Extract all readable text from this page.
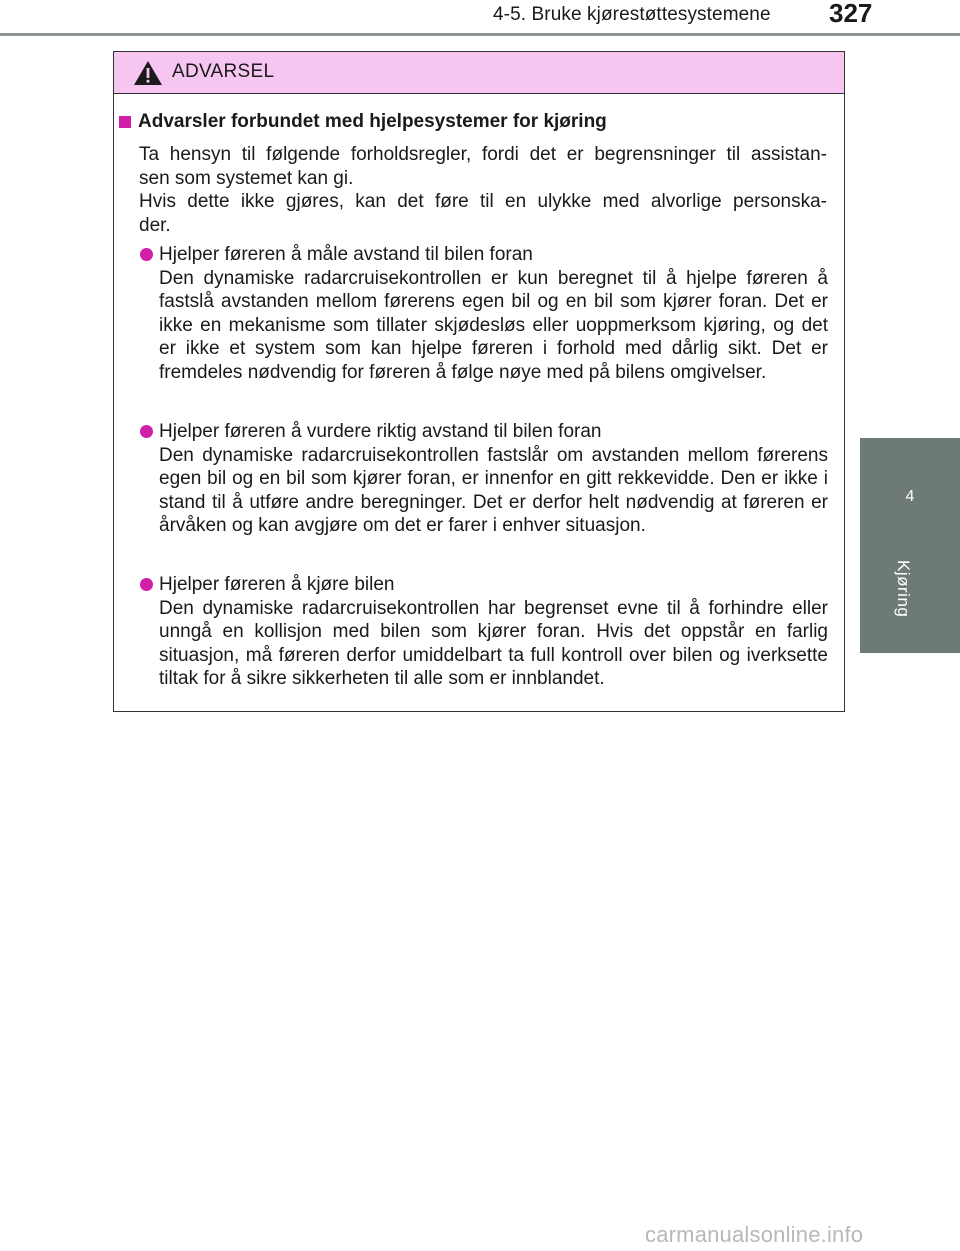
4-5. Bruke kjørestøttesystemene 327
4
Kjøring
ADVARSEL
Advarsler forbundet med hjelpesystemer for kjøring
Ta hensyn til følgende forholdsregler, fordi det er begrensninger til assistan-
sen som systemet kan gi.
Hvis dette ikke gjøres, kan det føre til en ulykke med alvorlige personska-
der.
Hjelper føreren å måle avstand til bilen foran
Den dynamiske radarcruisekontrollen er kun beregnet til å hjelpe føreren å fastslå avstanden mellom førerens egen bil og en bil som kjører foran. Det er ikke en mekanisme som tillater skjødesløs eller uoppmerksom kjøring, og det er ikke et system som kan hjelpe føreren i forhold med dårlig sikt. Det er fremdeles nødvendig for føreren å følge nøye med på bilens omgivelser.
Hjelper føreren å vurdere riktig avstand til bilen foran
Den dynamiske radarcruisekontrollen fastslår om avstanden mellom førerens egen bil og en bil som kjører foran, er innenfor en gitt rekkevidde. Den er ikke i stand til å utføre andre beregninger. Det er derfor helt nødvendig at føreren er årvåken og kan avgjøre om det er farer i enhver situasjon.
Hjelper føreren å kjøre bilen
Den dynamiske radarcruisekontrollen har begrenset evne til å forhindre eller unngå en kollisjon med bilen som kjører foran. Hvis det oppstår en farlig situasjon, må føreren derfor umiddelbart ta full kontroll over bilen og iverksette tiltak for å sikre sikkerheten til alle som er innblandet.
carmanualsonline.info
